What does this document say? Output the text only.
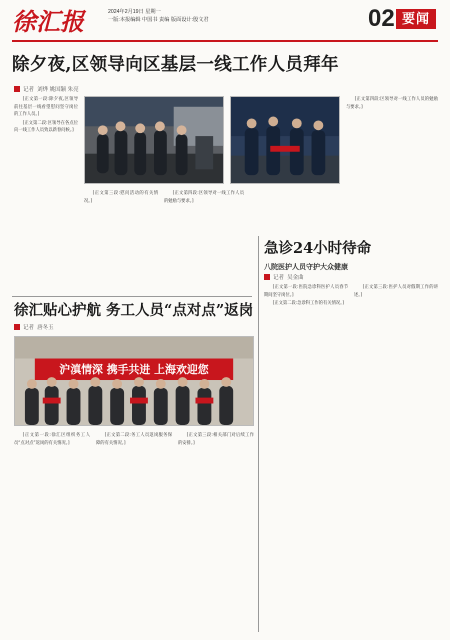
徐汇报	2024年2月19日 星期一
一版:本报编辑 中国书 责编 版面设计:殷文君	02 要闻
除夕夜,区领导向区基层一线工作人员拜年
记者 刘烨 姚国颖 朱亮

[正文第一段:除夕夜,区领导前往基层一线看望慰问坚守岗位的工作人员。]

[正文第二段:区领导在各点位向一线工作人员致以新春问候。]

[正文第三段:慰问活动的有关情况。]

[正文第四段:区领导对一线工作人员的勉励与要求。]

[正文第四段:区领导对一线工作人员的勉励与要求。]

急诊24小时待命
八院医护人员守护大众健康
记者 吴金曲

[正文第一段:医院急诊科医护人员春节期间坚守岗位。]

[正文第二段:急诊科工作的有关情况。]

[正文第三段:医护人员对假期工作的讲述。]

徐汇贴心护航 务工人员“点对点”返岗
记者 唐冬玉
沪滇情深 携手共进 上海欢迎您

[正文第一段:徐汇区组织务工人员“点对点”返岗的有关情况。]

[正文第二段:务工人员返岗服务保障的有关情况。]

[正文第三段:相关部门对后续工作的安排。]
